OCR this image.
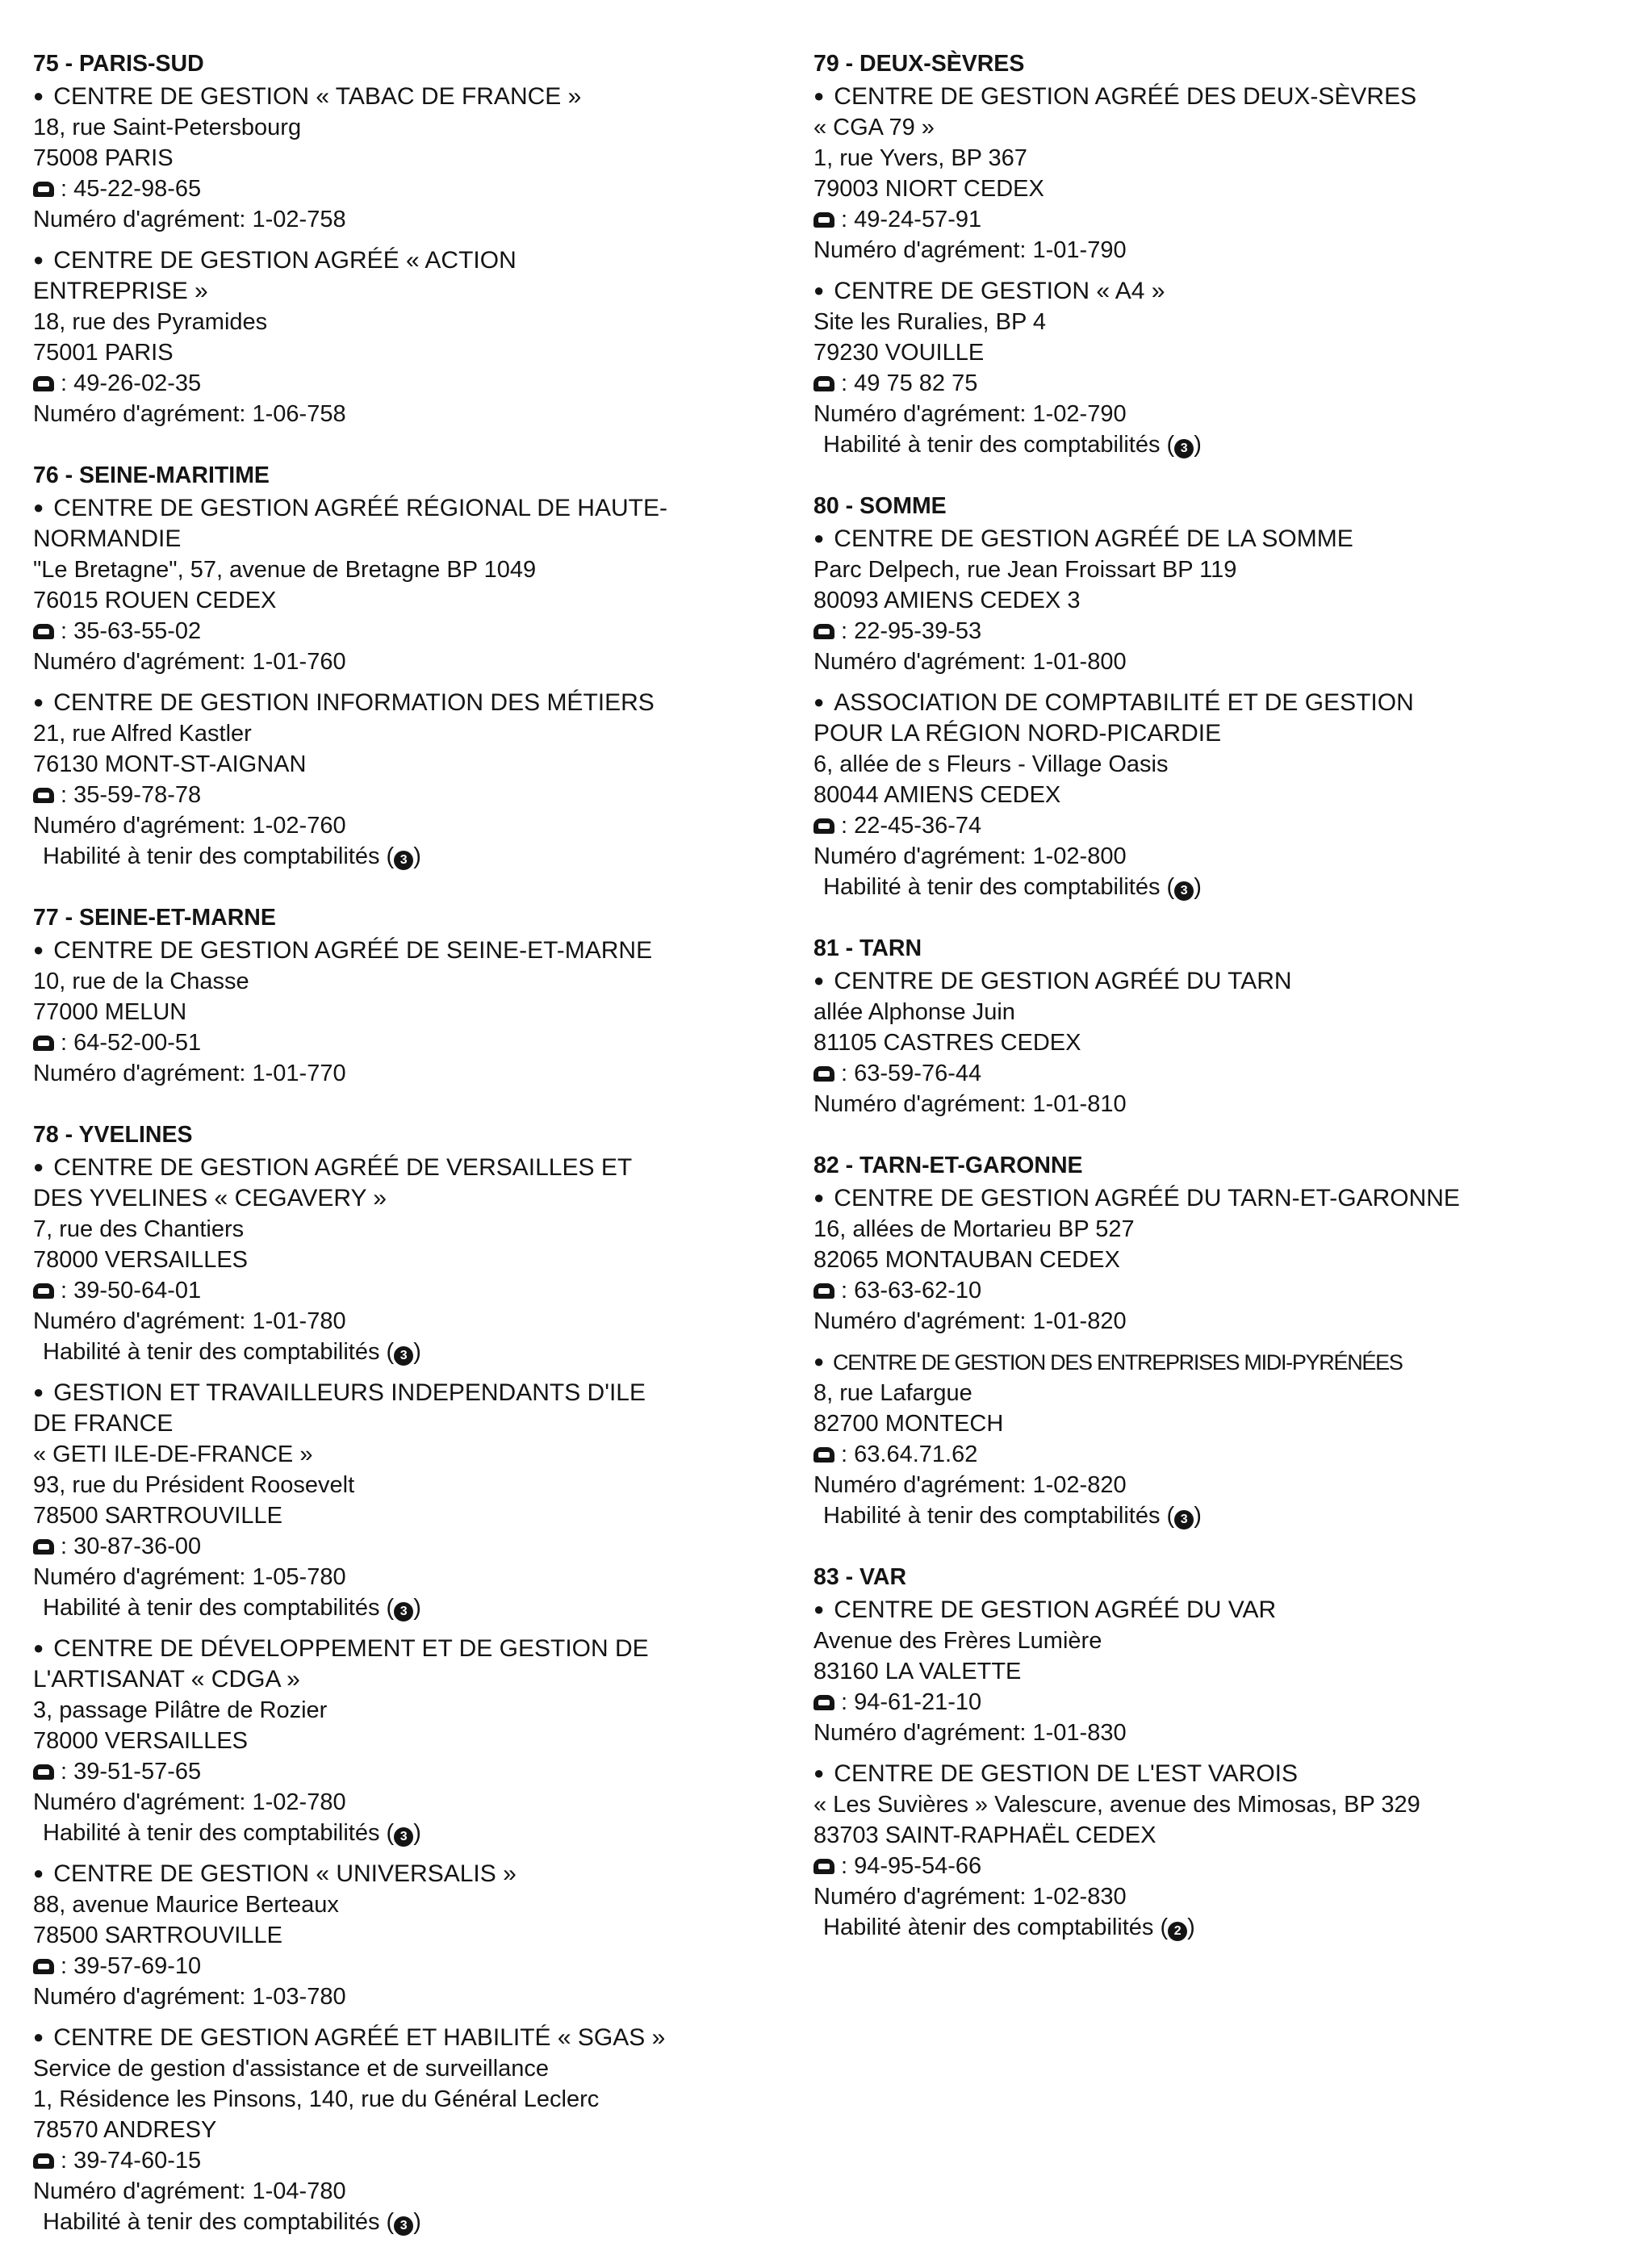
75 - PARIS-SUD
● CENTRE DE GESTION « TABAC DE FRANCE »
18, rue Saint-Petersbourg
75008 PARIS
: 45-22-98-65
Numéro d'agrément: 1-02-758
● CENTRE DE GESTION AGRÉÉ « ACTION
ENTREPRISE »
18, rue des Pyramides
75001 PARIS
: 49-26-02-35
Numéro d'agrément: 1-06-758
76 - SEINE-MARITIME
● CENTRE DE GESTION AGRÉÉ RÉGIONAL DE HAUTE-
NORMANDIE
"Le Bretagne", 57, avenue de Bretagne BP 1049
76015 ROUEN CEDEX
: 35-63-55-02
Numéro d'agrément: 1-01-760
● CENTRE DE GESTION INFORMATION DES MÉTIERS
21, rue Alfred Kastler
76130 MONT-ST-AIGNAN
: 35-59-78-78
Numéro d'agrément: 1-02-760
Habilité à tenir des comptabilités ( 3 )
77 - SEINE-ET-MARNE
● CENTRE DE GESTION AGRÉÉ DE SEINE-ET-MARNE
10, rue de la Chasse
77000 MELUN
: 64-52-00-51
Numéro d'agrément: 1-01-770
78 - YVELINES
● CENTRE DE GESTION AGRÉÉ DE VERSAILLES ET
DES YVELINES « CEGAVERY »
7, rue des Chantiers
78000 VERSAILLES
: 39-50-64-01
Numéro d'agrément: 1-01-780
Habilité à tenir des comptabilités ( 3 )
● GESTION ET TRAVAILLEURS INDEPENDANTS D'ILE
DE FRANCE
« GETI ILE-DE-FRANCE »
93, rue du Président Roosevelt
78500 SARTROUVILLE
: 30-87-36-00
Numéro d'agrément: 1-05-780
Habilité à tenir des comptabilités ( 3 )
● CENTRE DE DÉVELOPPEMENT ET DE GESTION DE
L'ARTISANAT « CDGA »
3, passage Pilâtre de Rozier
78000 VERSAILLES
: 39-51-57-65
Numéro d'agrément: 1-02-780
Habilité à tenir des comptabilités ( 3 )
● CENTRE DE GESTION « UNIVERSALIS »
88, avenue Maurice Berteaux
78500 SARTROUVILLE
: 39-57-69-10
Numéro d'agrément: 1-03-780
● CENTRE DE GESTION AGRÉÉ ET HABILITÉ « SGAS »
Service de gestion d'assistance et de surveillance
1, Résidence les Pinsons, 140, rue du Général Leclerc
78570 ANDRESY
: 39-74-60-15
Numéro d'agrément: 1-04-780
Habilité à tenir des comptabilités ( 3 )
79 - DEUX-SÈVRES
● CENTRE DE GESTION AGRÉÉ DES DEUX-SÈVRES
« CGA 79 »
1, rue Yvers, BP 367
79003 NIORT CEDEX
: 49-24-57-91
Numéro d'agrément: 1-01-790
● CENTRE DE GESTION « A4 »
Site les Ruralies, BP 4
79230 VOUILLE
: 49 75 82 75
Numéro d'agrément: 1-02-790
Habilité à tenir des comptabilités ( 3 )
80 - SOMME
● CENTRE DE GESTION AGRÉÉ DE LA SOMME
Parc Delpech, rue Jean Froissart BP 119
80093 AMIENS CEDEX 3
: 22-95-39-53
Numéro d'agrément: 1-01-800
● ASSOCIATION DE COMPTABILITÉ ET DE GESTION
POUR LA RÉGION NORD-PICARDIE
6, allée de s Fleurs - Village Oasis
80044 AMIENS CEDEX
: 22-45-36-74
Numéro d'agrément: 1-02-800
Habilité à tenir des comptabilités ( 3 )
81 - TARN
● CENTRE DE GESTION AGRÉÉ DU TARN
allée Alphonse Juin
81105 CASTRES CEDEX
: 63-59-76-44
Numéro d'agrément: 1-01-810
82 - TARN-ET-GARONNE
● CENTRE DE GESTION AGRÉÉ DU TARN-ET-GARONNE
16, allées de Mortarieu BP 527
82065 MONTAUBAN CEDEX
: 63-63-62-10
Numéro d'agrément: 1-01-820
● CENTRE DE GESTION DES ENTREPRISES MIDI-PYRÉNÉES
8, rue Lafargue
82700 MONTECH
: 63.64.71.62
Numéro d'agrément: 1-02-820
Habilité à tenir des comptabilités ( 3 )
83 - VAR
● CENTRE DE GESTION AGRÉÉ DU VAR
Avenue des Frères Lumière
83160 LA VALETTE
: 94-61-21-10
Numéro d'agrément: 1-01-830
● CENTRE DE GESTION DE L'EST VAROIS
« Les Suvières » Valescure, avenue des Mimosas, BP 329
83703 SAINT-RAPHAËL CEDEX
: 94-95-54-66
Numéro d'agrément: 1-02-830
Habilité àtenir des comptabilités ( 2 )
